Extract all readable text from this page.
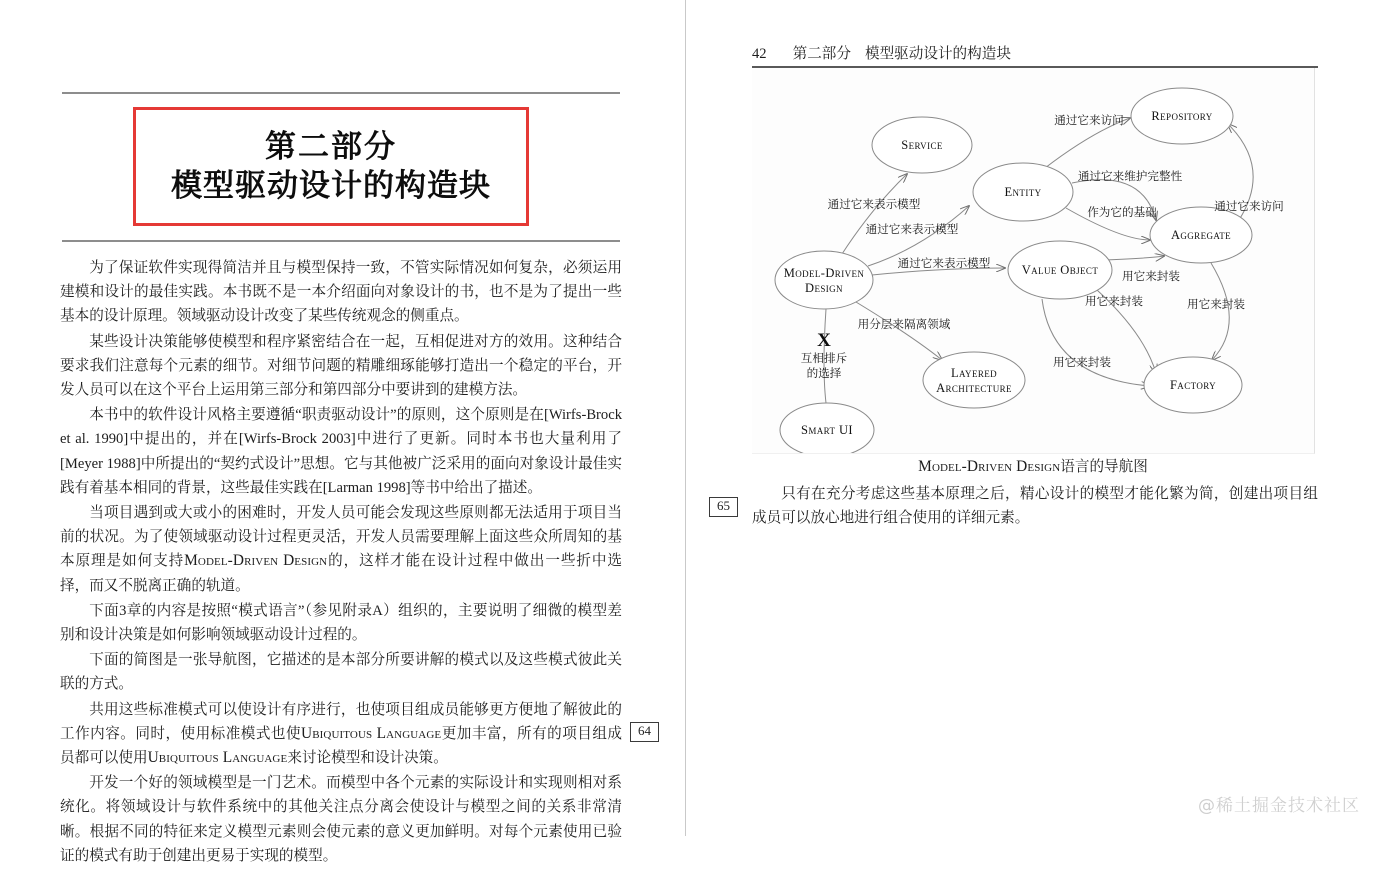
第二部分
模型驱动设计的构造块

为了保证软件实现得简洁并且与模型保持一致，不管实际情况如何复杂，必须运用建模和设计的最佳实践。本书既不是一本介绍面向对象设计的书，也不是为了提出一些基本的设计原理。领域驱动设计改变了某些传统观念的侧重点。

某些设计决策能够使模型和程序紧密结合在一起，互相促进对方的效用。这种结合要求我们注意每个元素的细节。对细节问题的精雕细琢能够打造出一个稳定的平台，开发人员可以在这个平台上运用第三部分和第四部分中要讲到的建模方法。

本书中的软件设计风格主要遵循“职责驱动设计”的原则，这个原则是在[Wirfs-Brock et al. 1990]中提出的，并在[Wirfs-Brock 2003]中进行了更新。同时本书也大量利用了[Meyer 1988]中所提出的“契约式设计”思想。它与其他被广泛采用的面向对象设计最佳实践有着基本相同的背景，这些最佳实践在[Larman 1998]等书中给出了描述。

当项目遇到或大或小的困难时，开发人员可能会发现这些原则都无法适用于项目当前的状况。为了使领域驱动设计过程更灵活，开发人员需要理解上面这些众所周知的基本原理是如何支持Model-Driven Design的，这样才能在设计过程中做出一些折中选择，而又不脱离正确的轨道。

下面3章的内容是按照“模式语言”（参见附录A）组织的，主要说明了细微的模型差别和设计决策是如何影响领域驱动设计过程的。

下面的简图是一张导航图，它描述的是本部分所要讲解的模式以及这些模式彼此关联的方式。

共用这些标准模式可以使设计有序进行，也使项目组成员能够更方便地了解彼此的工作内容。同时，使用标准模式也使Ubiquitous Language更加丰富，所有的项目组成员都可以使用Ubiquitous Language来讨论模型和设计决策。

开发一个好的领域模型是一门艺术。而模型中各个元素的实际设计和实现则相对系统化。将领域设计与软件系统中的其他关注点分离会使设计与模型之间的关系非常清晰。根据不同的特征来定义模型元素则会使元素的意义更加鲜明。对每个元素使用已验证的模式有助于创建出更易于实现的模型。

64
42 第二部分 模型驱动设计的构造块
Service
Repository
Entity
Aggregate
Model-Driven
Design
Value Object
Layered
Architecture	Factory
Smart UI
通过它来表示模型
通过它来表示模型
通过它来表示模型
通过它来访问
通过它来访问
通过它来维护完整性
作为它的基础
用它来封装
用它来封装	用它来封装
用它来封装
用分层来隔离领域
X
互相排斥
的选择
Model-Driven Design语言的导航图

只有在充分考虑这些基本原理之后，精心设计的模型才能化繁为简，创建出项目组成员可以放心地进行组合使用的详细元素。

65
@稀土掘金技术社区
